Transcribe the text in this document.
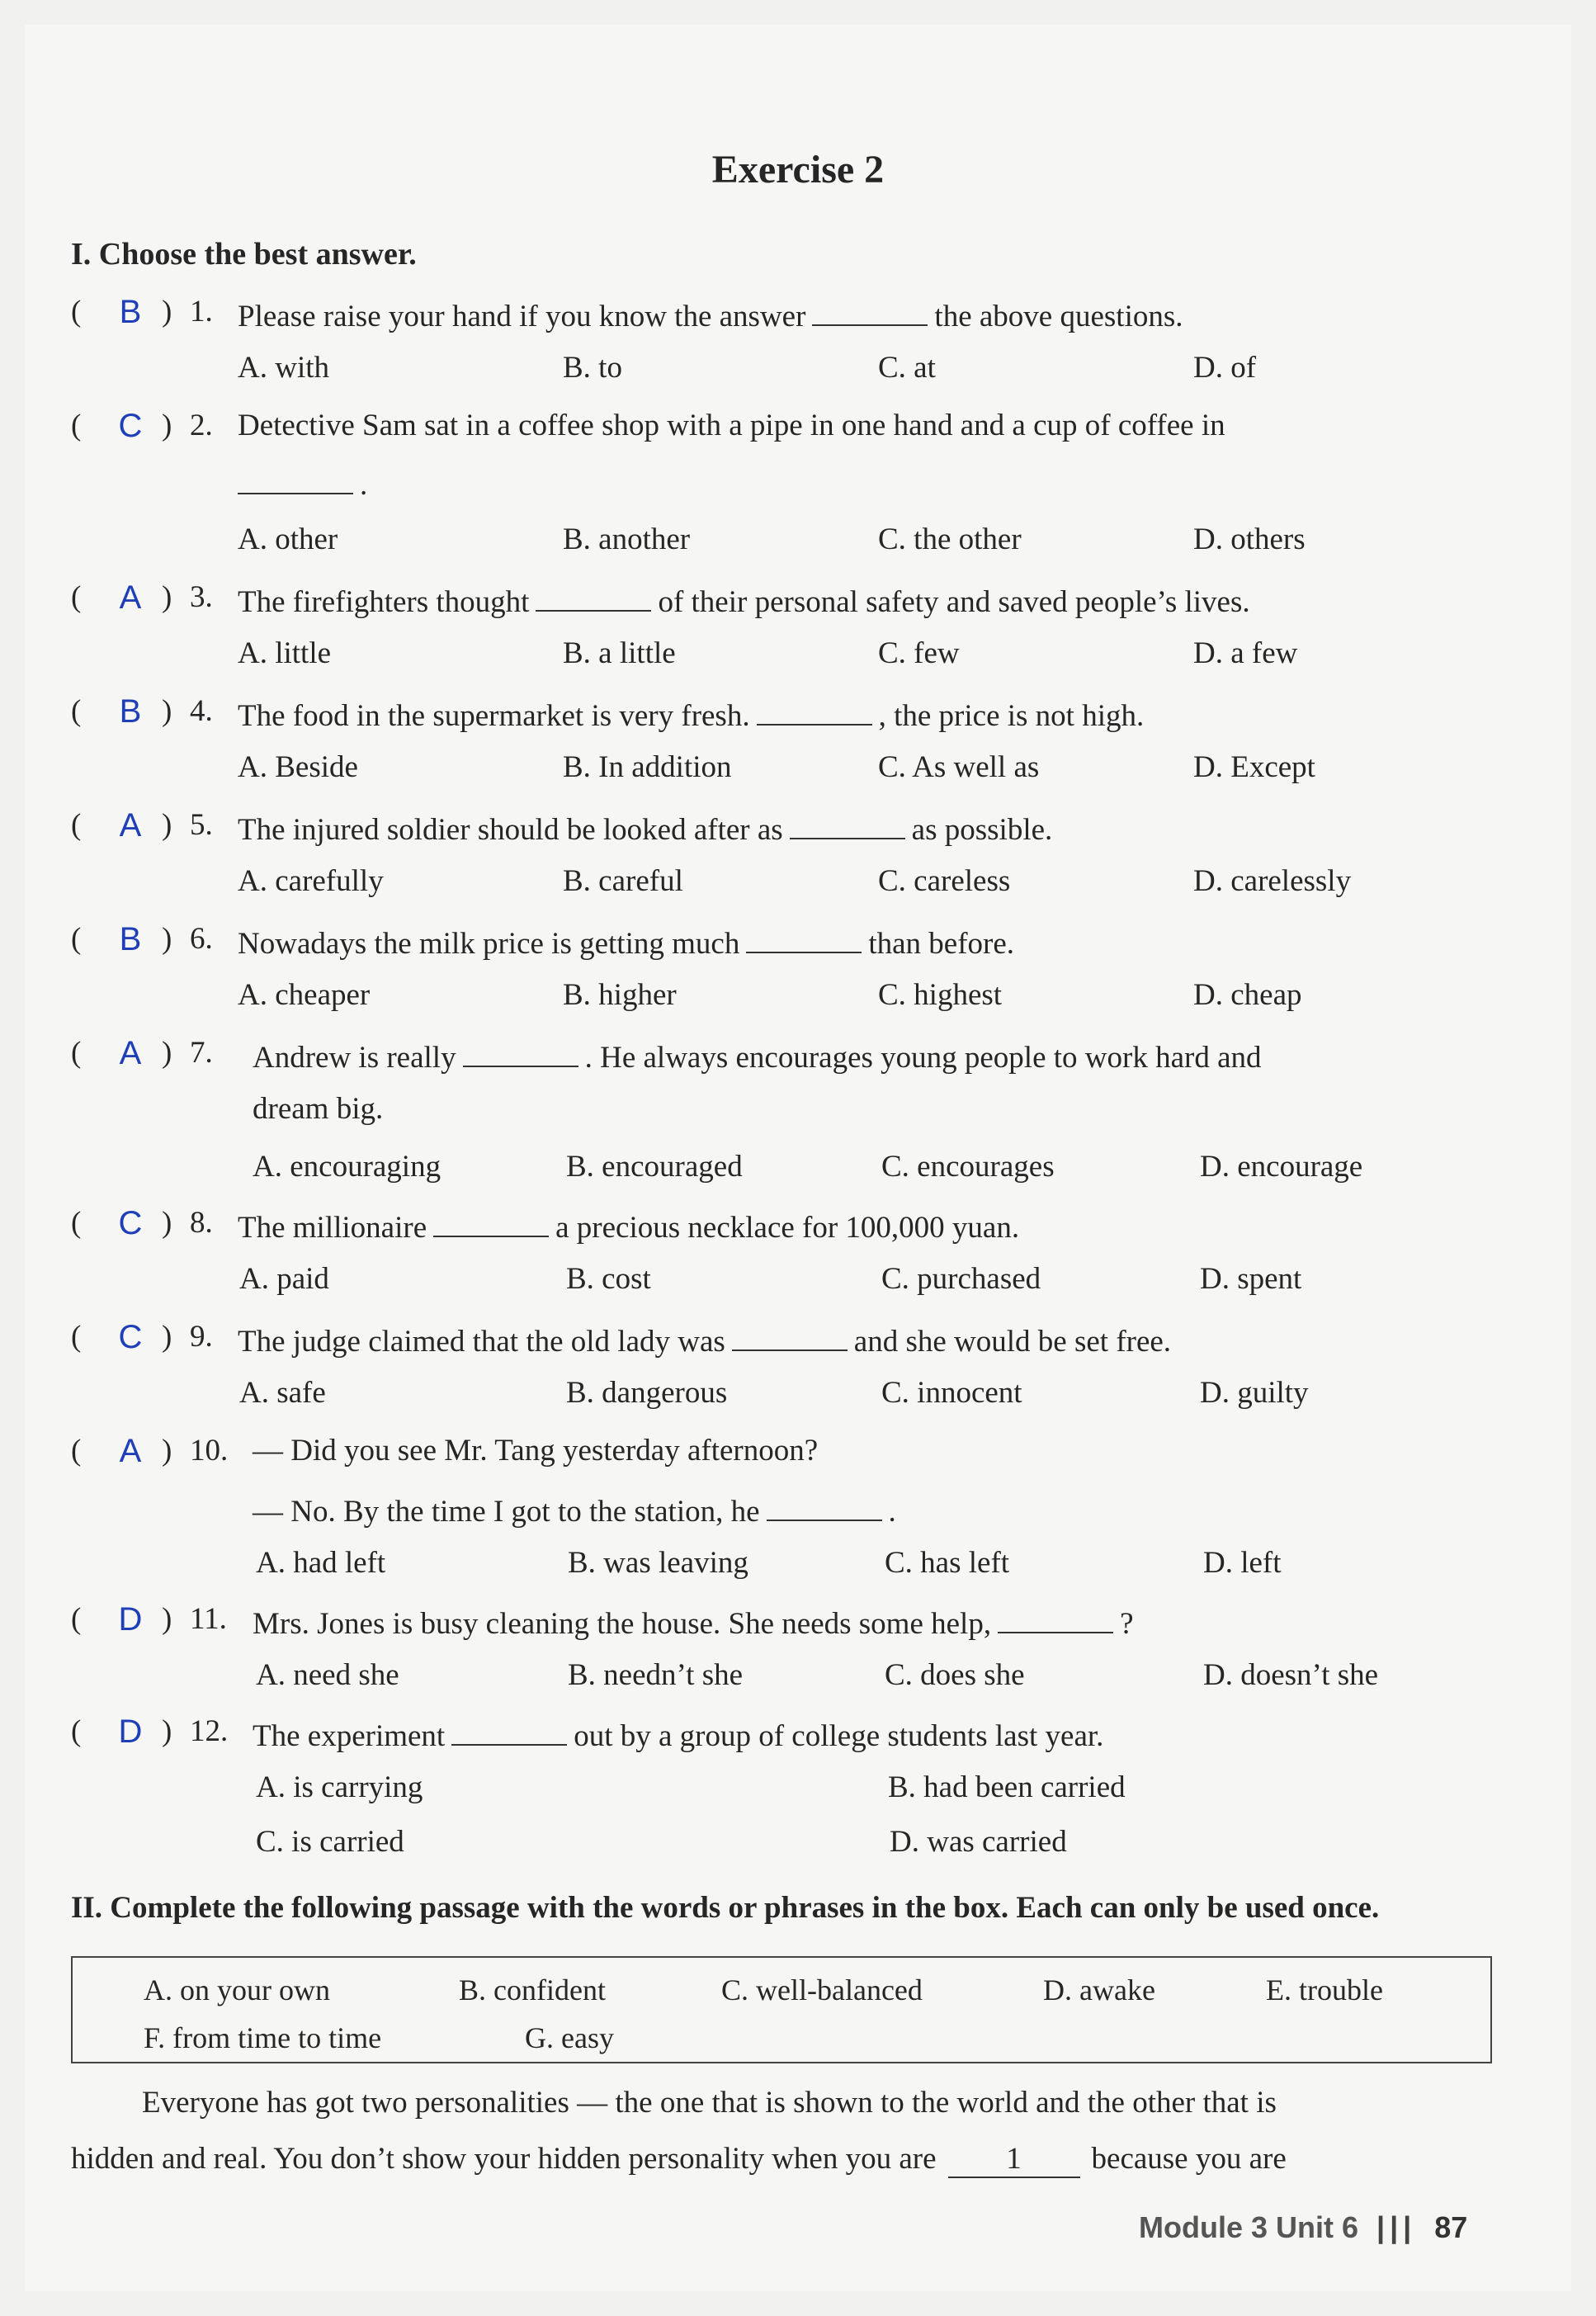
Exercise 2
I. Choose the best answer.
(	B ) 1. Please raise your hand if you know the answer	the above questions.
A. with	B. to	C. at	D. of
(	C ) 2. Detective Sam sat in a coffee shop with a pipe in one hand and a cup of coffee in
.
A. other	B. another	C. the other	D. others
(	A ) 3. The firefighters thought	of their personal safety and saved people’s lives.
A. little	B. a little	C. few	D. a few
(	B ) 4. The food in the supermarket is very fresh.	, the price is not high.
A. Beside	B. In addition	C. As well as	D. Except
(	A ) 5. The injured soldier should be looked after as	as possible.
A. carefully	B. careful	C. careless	D. carelessly
(	B ) 6. Nowadays the milk price is getting much	than before.
A. cheaper	B. higher	C. highest	D. cheap
(	A ) 7. Andrew is really	. He always encourages young people to work hard and
dream big.
A. encouraging	B. encouraged	C. encourages	D. encourage
(	C ) 8. The millionaire	a precious necklace for 100,000 yuan.
A. paid	B. cost	C. purchased	D. spent
(	C ) 9. The judge claimed that the old lady was	and she would be set free.
A. safe	B. dangerous	C. innocent	D. guilty
(	A ) 10. — Did you see Mr. Tang yesterday afternoon?
— No. By the time I got to the station, he	.
A. had left	B. was leaving	C. has left	D. left
(	D ) 11. Mrs. Jones is busy cleaning the house. She needs some help,	?
A. need she	B. needn’t she	C. does she	D. doesn’t she
(	D ) 12. The experiment	out by a group of college students last year.
A. is carrying	B. had been carried
C. is carried	D. was carried
II. Complete the following passage with the words or phrases in the box. Each can only be used once.
A. on your own	B. confident	C. well-balanced	D. awake	E. trouble
F. from time to time	G. easy
Everyone has got two personalities — the one that is shown to the world and the other that is
hidden and real. You don’t show your hidden personality when you are 1 because you are
Module 3 Unit 6 ||| 87
